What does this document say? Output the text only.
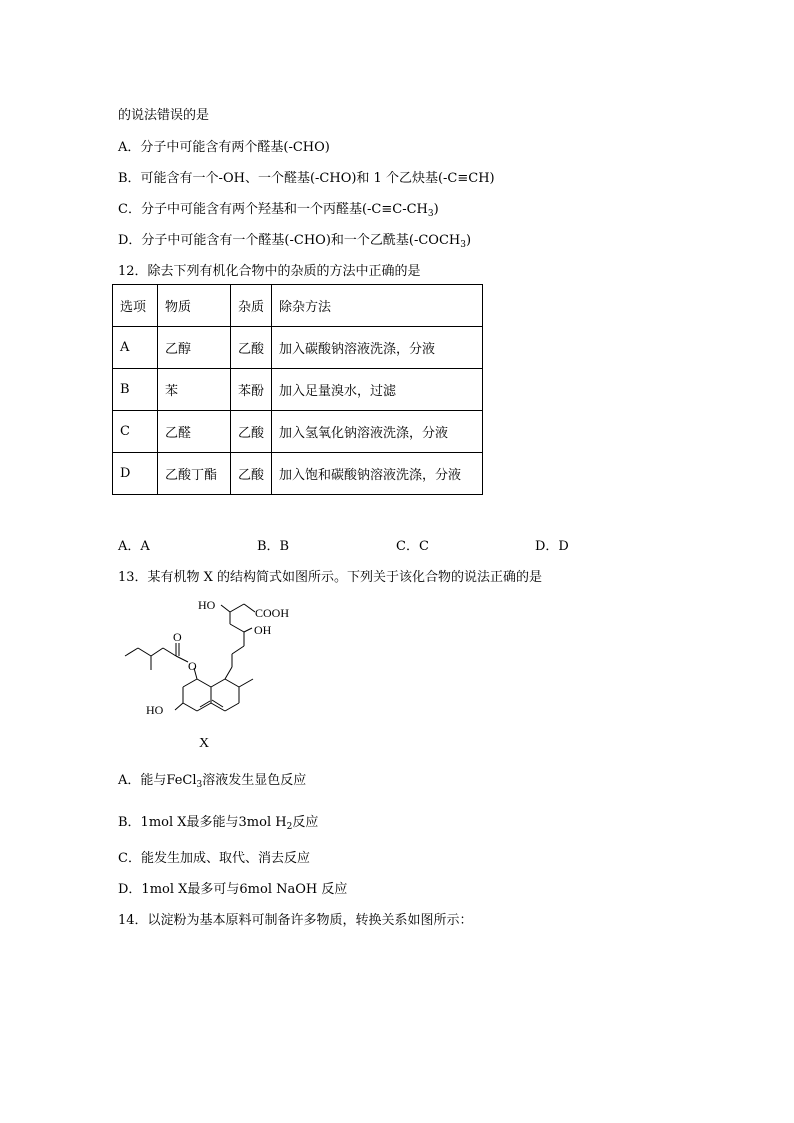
的说法错误的是
A．分子中可能含有两个醛基(-CHO)
B．可能含有一个-OH、一个醛基(-CHO)和 1 个乙炔基(-C≡CH)
C．分子中可能含有两个羟基和一个丙醛基$(-C\equiv C-CH_3)$
D．分子中可能含有一个醛基(-CHO)和一个乙酰基$(-COCH_3)$
12．除去下列有机化合物中的杂质的方法中正确的是
选项	物质	杂质	除杂方法
A	乙醇	乙酸	加入碳酸钠溶液洗涤，分液
B	苯	苯酚	加入足量溴水，过滤
C	乙醛	乙酸	加入氢氧化钠溶液洗涤，分液
D	乙酸丁酯	乙酸	加入饱和碳酸钠溶液洗涤，分液
A．A	B．B	C．C	D．D
13．某有机物 X 的结构简式如图所示。下列关于该化合物的说法正确的是
HO
COOH
OH
O
O
HO
X
A．能与FeCl$_3$溶液发生显色反应
B．1mol X最多能与3mol $H_2$反应
C．能发生加成、取代、消去反应
D．1mol X最多可与6mol NaOH 反应
14．以淀粉为基本原料可制备许多物质，转换关系如图所示：
